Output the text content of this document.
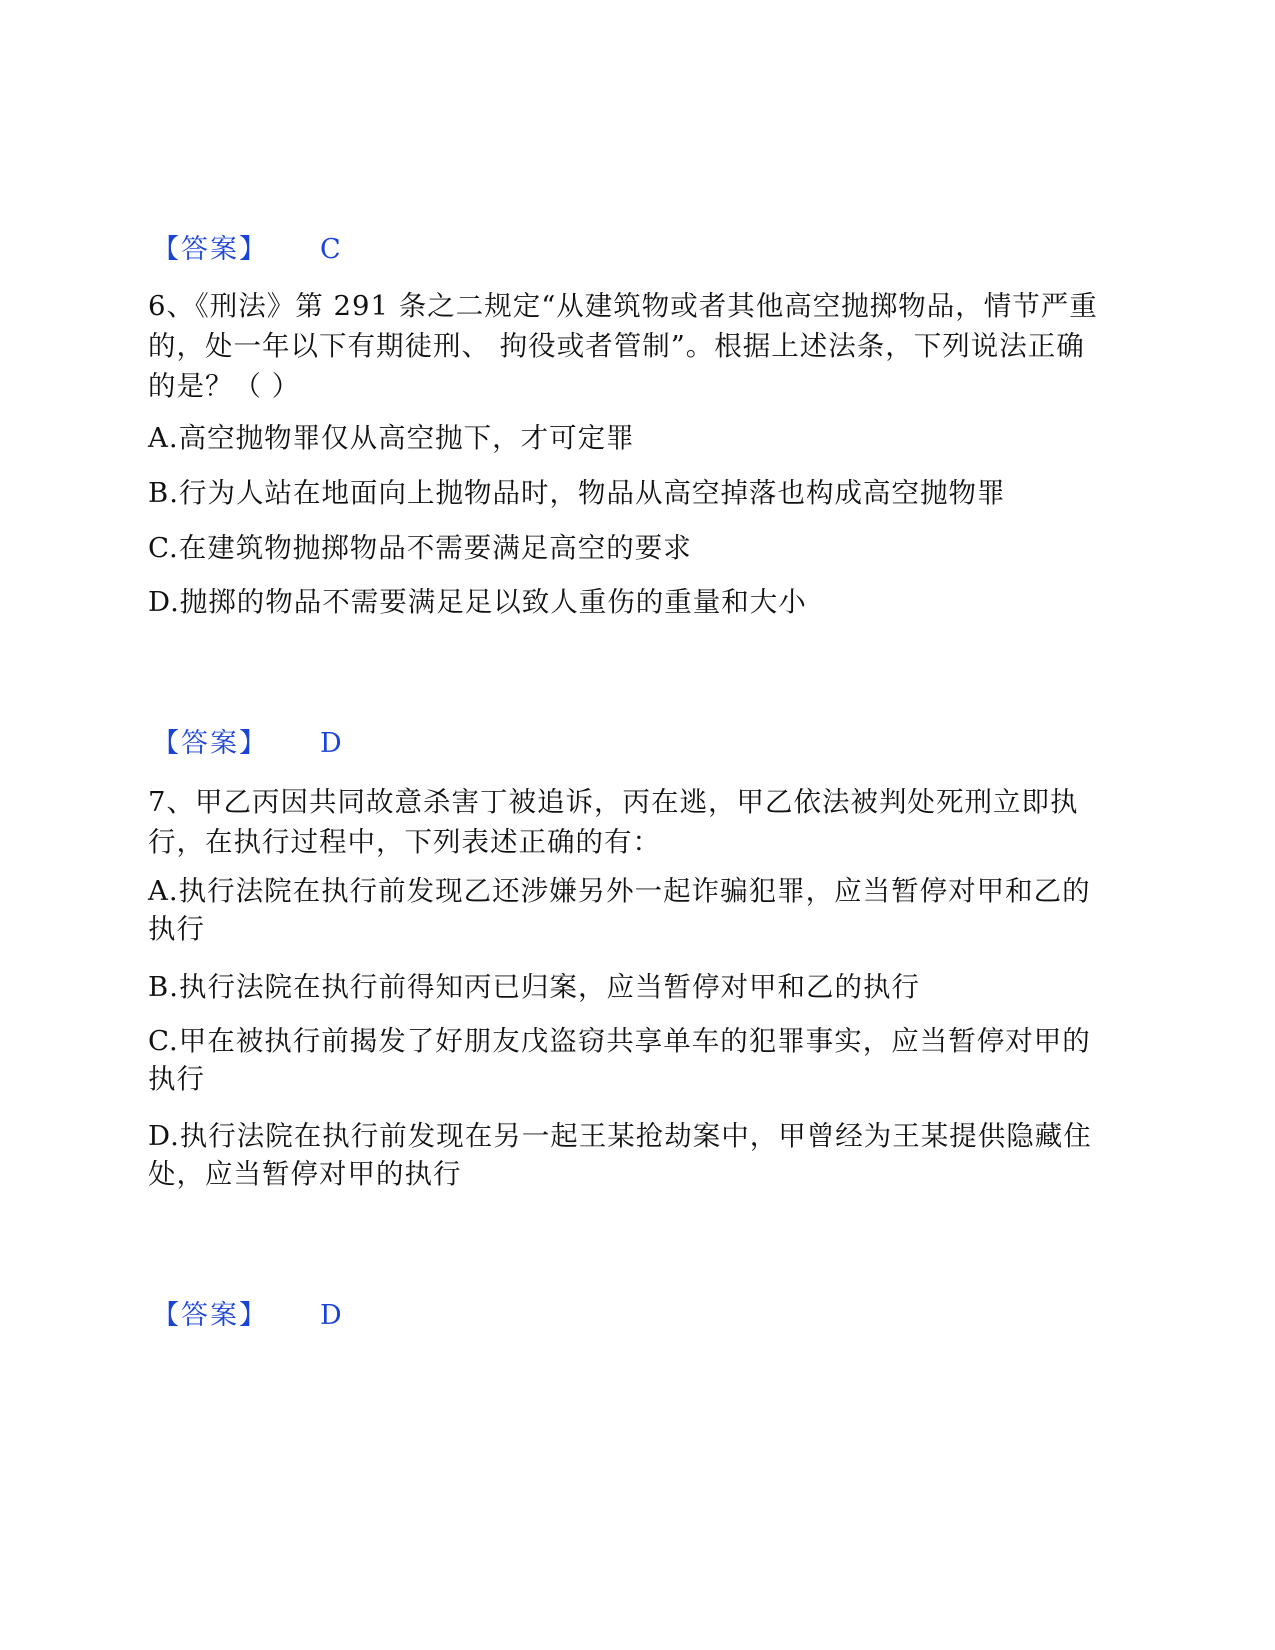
【答案】 C

6、《刑法》第 291 条之二规定“从建筑物或者其他高空抛掷物品，情节严重的，处一年以下有期徒刑、 拘役或者管制”。根据上述法条，下列说法正确的是？（ ）

A.高空抛物罪仅从高空抛下，才可定罪

B.行为人站在地面向上抛物品时，物品从高空掉落也构成高空抛物罪

C.在建筑物抛掷物品不需要满足高空的要求

D.抛掷的物品不需要满足足以致人重伤的重量和大小

【答案】 D

7、甲乙丙因共同故意杀害丁被追诉，丙在逃，甲乙依法被判处死刑立即执行，在执行过程中，下列表述正确的有：

A.执行法院在执行前发现乙还涉嫌另外一起诈骗犯罪，应当暂停对甲和乙的执行

B.执行法院在执行前得知丙已归案，应当暂停对甲和乙的执行

C.甲在被执行前揭发了好朋友戊盗窃共享单车的犯罪事实，应当暂停对甲的执行

D.执行法院在执行前发现在另一起王某抢劫案中，甲曾经为王某提供隐藏住处，应当暂停对甲的执行

【答案】 D
